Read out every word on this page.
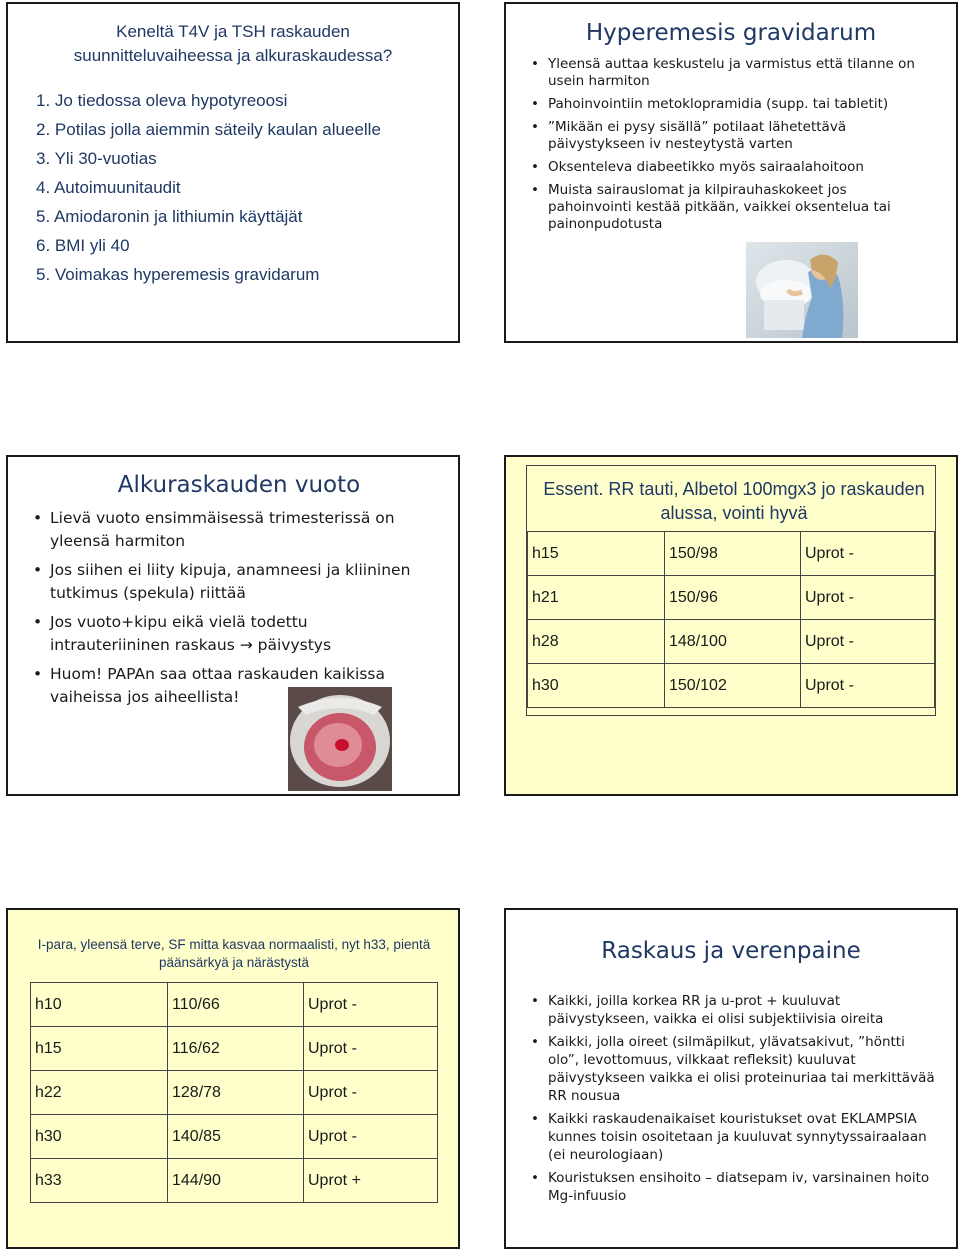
Keneltä T4V ja TSH raskauden suunnitteluvaiheessa ja alkuraskaudessa?
1. Jo tiedossa oleva hypotyreoosi
2. Potilas jolla aiemmin säteily kaulan alueelle
3. Yli 30-vuotias
4. Autoimuunitaudit
5. Amiodaronin ja lithiumin käyttäjät
6. BMI yli 40
5. Voimakas hyperemesis gravidarum
Hyperemesis gravidarum
• Yleensä auttaa keskustelu ja varmistus että tilanne on usein harmiton
• Pahoinvointiin metoklopramidia (supp. tai tabletit)
• ”Mikään ei pysy sisällä” potilaat lähetettävä päivystykseen iv nesteytystä varten
• Oksenteleva diabeetikko myös sairaalahoitoon
• Muista sairauslomat ja kilpirauhaskokeet jos pahoinvointi kestää pitkään, vaikkei oksentelua tai painonpudotusta
Alkuraskauden vuoto
• Lievä vuoto ensimmäisessä trimesterissä on yleensä harmiton
• Jos siihen ei liity kipuja, anamneesi ja kliininen tutkimus (spekula) riittää
• Jos vuoto+kipu eikä vielä todettu intrauteriininen raskaus → päivystys
• Huom! PAPAn saa ottaa raskauden kaikissa vaiheissa jos aiheellista!
Essent. RR tauti, Albetol 100mgx3 jo raskauden alussa, vointi hyvä
h15	150/98	Uprot -
h21	150/96	Uprot -
h28	148/100	Uprot -
h30	150/102	Uprot -
I-para, yleensä terve, SF mitta kasvaa normaalisti, nyt h33, pientä päänsärkyä ja närästystä
h10	110/66	Uprot -
h15	116/62	Uprot -
h22	128/78	Uprot -
h30	140/85	Uprot -
h33	144/90	Uprot +
Raskaus ja verenpaine
• Kaikki, joilla korkea RR ja u-prot + kuuluvat päivystykseen, vaikka ei olisi subjektiivisia oireita
• Kaikki, jolla oireet (silmäpilkut, ylävatsakivut, ”höntti olo”, levottomuus, vilkkaat refleksit) kuuluvat päivystykseen vaikka ei olisi proteinuriaa tai merkittävää RR nousua
• Kaikki raskaudenaikaiset kouristukset ovat EKLAMPSIA kunnes toisin osoitetaan ja kuuluvat synnytyssairaalaan (ei neurologiaan)
• Kouristuksen ensihoito – diatsepam iv, varsinainen hoito Mg-infuusio
